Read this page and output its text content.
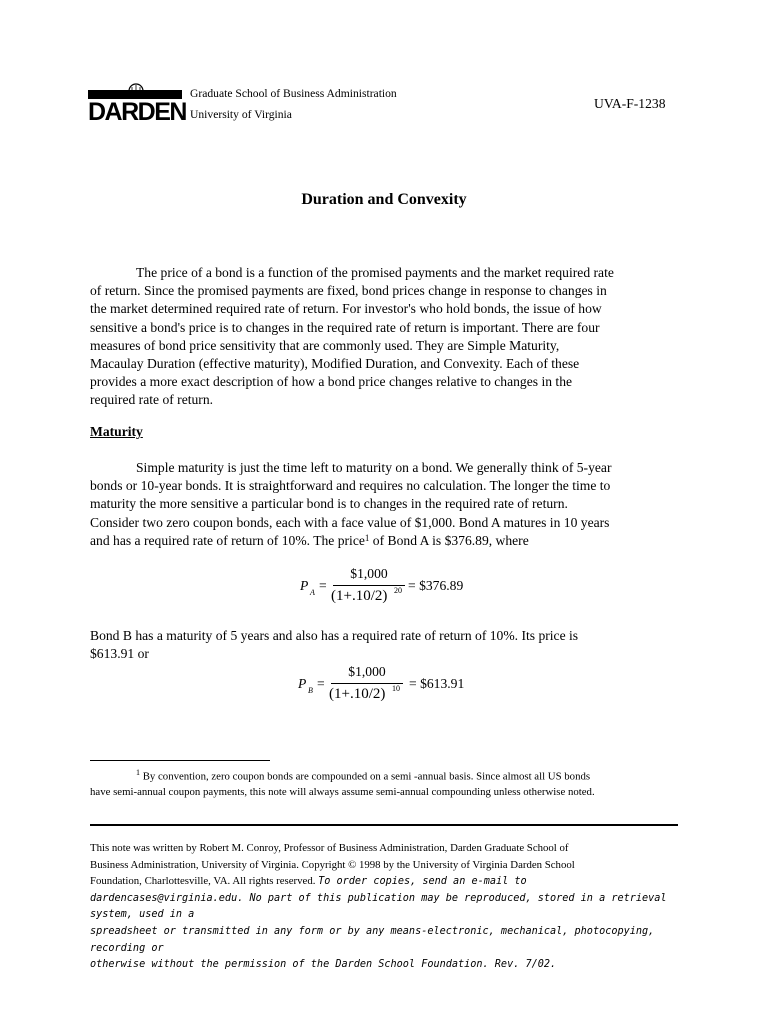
DARDEN
Graduate School of Business Administration
University of Virginia
UVA-F-1238
Duration and Convexity
The price of a bond is a function of the promised payments and the market required rate
of return. Since the promised payments are fixed, bond prices change in response to changes in
the market determined required rate of return. For investor's who hold bonds, the issue of how
sensitive a bond's price is to changes in the required rate of return is important. There are four
measures of bond price sensitivity that are commonly used. They are Simple Maturity,
Macaulay Duration (effective maturity), Modified Duration, and Convexity. Each of these
provides a more exact description of how a bond price changes relative to changes in the
required rate of return.
Maturity
Simple maturity is just the time left to maturity on a bond. We generally think of 5-year
bonds or 10-year bonds. It is straightforward and requires no calculation. The longer the time to
maturity the more sensitive a particular bond is to changes in the required rate of return.
Consider two zero coupon bonds, each with a face value of $1,000. Bond A matures in 10 years
and has a required rate of return of 10%. The price$^1$ of Bond A is $376.89, where
P A =
$1,000
(1+.10/2) 20 = $376.89
Bond B has a maturity of 5 years and also has a required rate of return of 10%. Its price is
$613.91 or
P B =
$1,000
(1+.10/2) 10 = $613.91
$^1$ By convention, zero coupon bonds are compounded on a semi -annual basis. Since almost all US bonds
have semi-annual coupon payments, this note will always assume semi-annual compounding unless otherwise noted.
This note was written by Robert M. Conroy, Professor of Business Administration, Darden Graduate School of
Business Administration, University of Virginia. Copyright © 1998 by the University of Virginia Darden School
Foundation, Charlottesville, VA. All rights reserved. To order copies, send an e-mail to
dardencases@virginia.edu. No part of this publication may be reproduced, stored in a retrieval system, used in a
spreadsheet or transmitted in any form or by any means-electronic, mechanical, photocopying, recording or
otherwise without the permission of the Darden School Foundation. Rev. 7/02.
